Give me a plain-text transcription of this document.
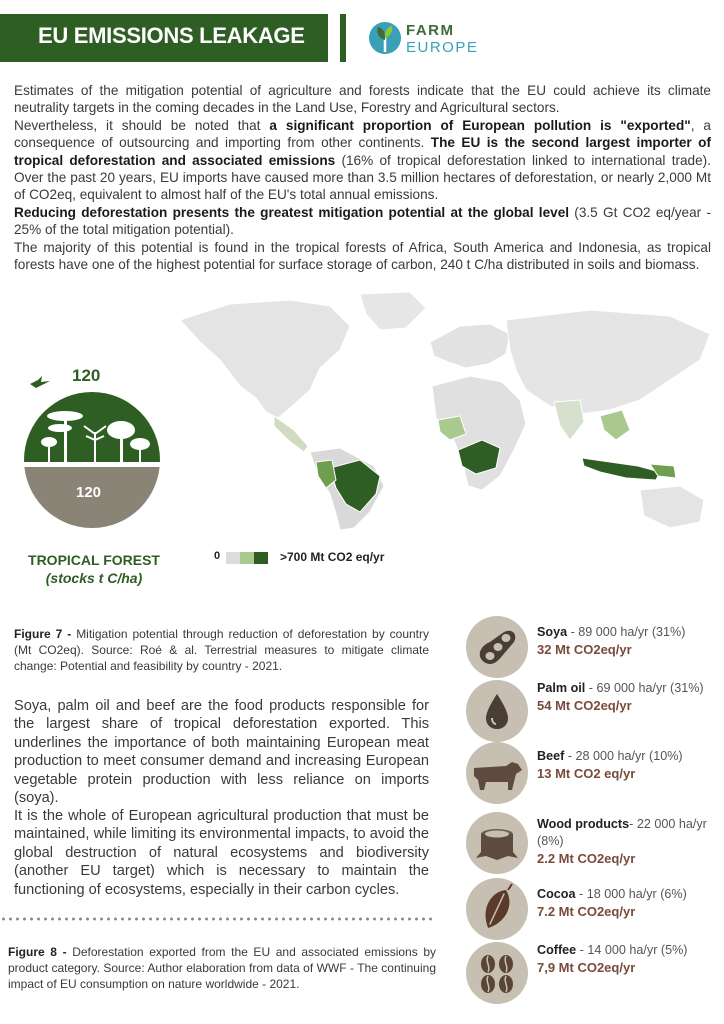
EU EMISSIONS LEAKAGE	FARM
EUROPE
Estimates of the mitigation potential of agriculture and forests indicate that the EU could achieve its climate neutrality targets in the coming decades in the Land Use, Forestry and Agricultural sectors.
Nevertheless, it should be noted that a significant proportion of European pollution is "exported", a consequence of outsourcing and importing from other continents. The EU is the second largest importer of tropical deforestation and associated emissions (16% of tropical deforestation linked to international trade). Over the past 20 years, EU imports have caused more than 3.5 million hectares of deforestation, or nearly 2,000 Mt of CO2eq, equivalent to almost half of the EU's total annual emissions.
Reducing deforestation presents the greatest mitigation potential at the global level (3.5 Gt CO2 eq/year - 25% of the total mitigation potential).
The majority of this potential is found in the tropical forests of Africa, South America and Indonesia, as tropical forests have one of the highest potential for surface storage of carbon, 240 t C/ha distributed in soils and biomass.
120
120
TROPICAL FOREST
(stocks t C/ha)
0	>700 Mt CO2 eq/yr
Figure 7 - Mitigation potential through reduction of deforestation by country (Mt CO2eq). Source: Roé & al. Terrestrial measures to mitigate climate change: Potential and feasibility by country - 2021.
Soya, palm oil and beef are the food products responsible for the largest share of tropical deforestation exported. This underlines the importance of both maintaining European meat production to meet consumer demand and increasing European vegetable protein production with less reliance on imports (soya).
It is the whole of European agricultural production that must be maintained, while limiting its environmental impacts, to avoid the global destruction of natural ecosystems and biodiversity (another EU target) which is necessary to maintain the functioning of ecosystems, especially in their carbon cycles.
Figure 8 - Deforestation exported from the EU and associated emissions by product category. Source: Author elaboration from data of WWF - The continuing impact of EU consumption on nature worldwide - 2021.
Soya - 89 000 ha/yr (31%)
32 Mt CO2eq/yr
Palm oil - 69 000 ha/yr (31%)
54 Mt CO2eq/yr
Beef - 28 000 ha/yr (10%)
13 Mt CO2 eq/yr
Wood products- 22 000 ha/yr (8%)
2.2 Mt CO2eq/yr
Cocoa - 18 000 ha/yr (6%)
7.2 Mt CO2eq/yr
Coffee - 14 000 ha/yr (5%)
7,9 Mt CO2eq/yr
